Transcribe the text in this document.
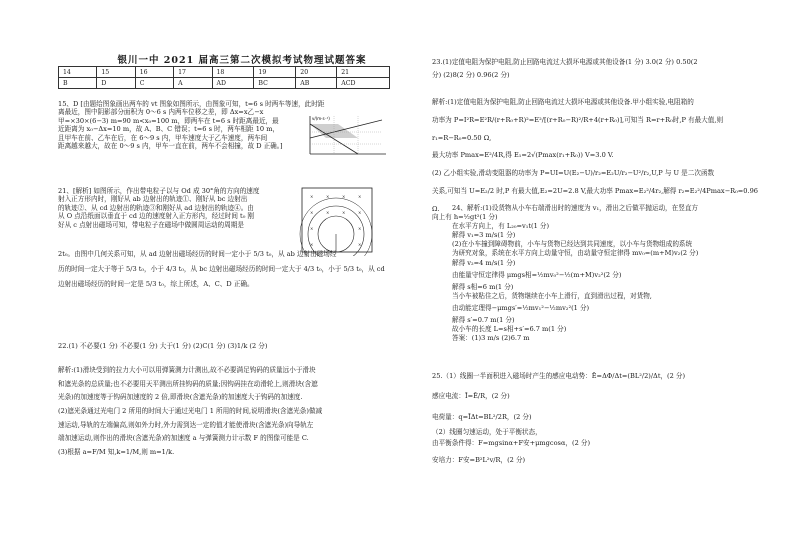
银川一中 2021 届高三第二次模拟考试物理试题答案
14	15	16	17	18	19	20	21
B	D	C	A	AD	BC	AB	ACD

15、D [由题给图象画出两车的 vt 图象如图所示，由图象可知，t=6 s 时两车等速，此时距

离最近，图中阴影部分面积为 0～6 s 内两车位移之差，即 Δx=x乙−x

甲=×30×(6−3) m=90 m<x₀=100 m，即两车在 t=6 s 时距离最近，最

近距离为 x₀−Δx=10 m，故 A、B、C 错误；t=6 s 时，两车相距 10 m，

且甲车在前、乙车在后，在 6～9 s 内，甲车速度大于乙车速度，两车间

距离越来越大，故在 0～9 s 内，甲车一直在前，两车不会相撞，故 D 正确。]

v/(m·s⁻¹)
×	×	×	×
×	×	×	×
×	×
×	×

21、[解析] 如图所示，作出带电粒子以与 Od 成 30°角的方向的速度

射入正方形内时，刚好从 ab 边射出的轨迹①、刚好从 bc 边射出

的轨迹②、从 cd 边射出的轨迹③和刚好从 ad 边射出的轨迹④。由

从 O 点沿纸面以垂直于 cd 边的速度射入正方形内，经过时间 t₀ 刚

好从 c 点射出磁场可知，带电粒子在磁场中做圆周运动的周期是

2t₀。由图中几何关系可知，从 ad 边射出磁场经历的时间一定小于 5/3 t₀，从 ab 边射出磁场经

历的时间一定大于等于 5/3 t₀，小于 4/3 t₀，从 bc 边射出磁场经历的时间一定大于 4/3 t₀，小于 5/3 t₀，从 cd

边射出磁场经历的时间一定是 5/3 t₀，综上所述，A、C、D 正确。

22.(1) 不必要(1 分) 不必要(1 分) 大于(1 分) (2)C(1 分) (3)1/k (2 分)

解析:(1)滑块受到的拉力大小可以用弹簧测力计测出,故不必要满足钩码的质量远小于滑块

和遮光条的总质量;也不必要用天平测出所挂钩码的质量;因钩码挂在动滑轮上,则滑块(含遮

光条)的加速度等于钩码加速度的 2 倍,即滑块(含遮光条)的加速度大于钩码的加速度.

(2)遮光条通过光电门 2 所用的时间大于通过光电门 1 所用的时间,说明滑块(含遮光条)做减

速运动,导轨的左端偏高,则如外力时,外力需到达一定的值才能使滑块(含遮光条)向导轨左

端加速运动,则作出的滑块(含遮光条)的加速度 a 与弹簧测力计示数 F 的图像可能是 C.

(3)根据 a=F/M 知,k=1/M,则 m=1/k.

23.(1)定值电阻为保护电阻,防止回路电流过大损坏电源或其他设备(1 分) 3.0(2 分) 0.50(2

分) (2)8(2 分) 0.96(2 分)

解析:(1)定值电阻为保护电阻,防止回路电流过大损坏电源或其他设备.甲小组实验,电阻箱的

功率为 P=I²R=E²R/(r+R₀+R)²=E²/[(r+R₀−R)²/R+4(r+R₀)],可知当 R=r+R₀时,P 有最大值,则 r₁=R−R₀=0.50 Ω,

最大功率 Pmax=E²/4R,得 E₁=2√(Pmax(r₁+R₀)) V=3.0 V.

(2) 乙小组实验,滑动变阻器的功率为 P=UI=U(E₂−U)/r₂=E₂U/r₂−U²/r₂,U,P 与 U 是二次函数

关系,可知当 U=E₂/2 时,P 有最大值,E₂=2U=2.8 V,最大功率 Pmax=E₂²/4r₂,解得 r₂=E₂²/4Pmax−R₀=0.96 Ω.	24、解析:(1)设货物从小车右端滑出时的速度为 v₁，滑出之后做平抛运动，在竖直方

向上有 h=½gt²(1 分)

在水平方向上，有 L₂₀=v₁t(1 分)

解得 v₁=3 m/s(1 分)

(2)在小车撞到障碍物前，小车与货物已经达到共同速度，以小车与货物组成的系统

为研究对象，系统在水平方向上动量守恒，由动量守恒定律得 mv₀=(m+M)v₂(2 分)

解得 v₂=4 m/s(1 分)

由能量守恒定律得 μmgs相=½mv₀²−½(m+M)v₂²(2 分)

解得 s相=6 m(1 分)

当小车被粘住之后，货物继续在小车上滑行，直到滑出过程，对货物,

由动能定理得−μmgs′=½mv₁²−½mv₂²(1 分)

解得 s′=0.7 m(1 分)

故小车的长度 L=s相+s′=6.7 m(1 分)

答案：(1)3 m/s (2)6.7 m

25.（1）线圈一半面积进入磁场时产生的感应电动势：Ē=ΔΦ/Δt=(BL²/2)/Δt，(2 分)

感应电流：Ī=Ē/R，(2 分)

电荷量：q=ĪΔt=BL²/2R，(2 分)

（2）线圈匀速运动，处于平衡状态，

由平衡条件得：F=mgsinα+F安+μmgcosα，(2 分)

安培力：F安=B²L²v/R，(2 分)
